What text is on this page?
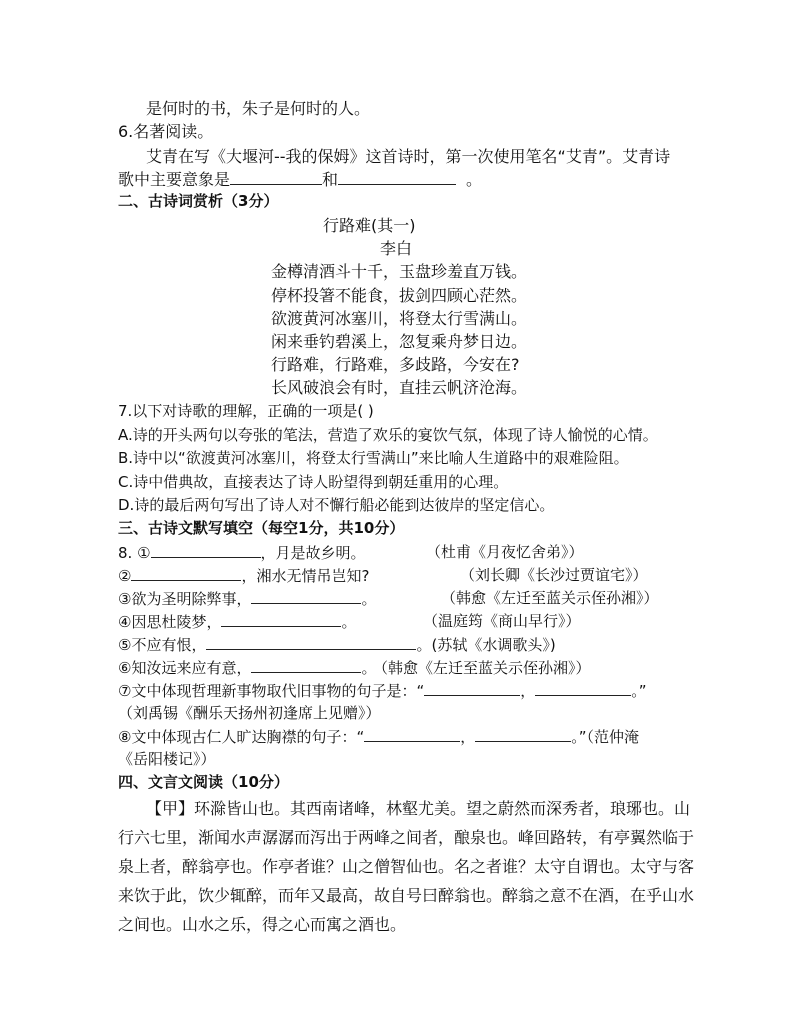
是何时的书，朱子是何时的人。
6.名著阅读。
艾青在写《大堰河--我的保姆》这首诗时，第一次使用笔名“艾青”。艾青诗
歌中主要意象是	和	。
二、古诗词赏析（3分）
行路难(其一)
李白
金樽清酒斗十千，玉盘珍羞直万钱。
停杯投箸不能食，拔剑四顾心茫然。
欲渡黄河冰塞川，将登太行雪满山。
闲来垂钓碧溪上，忽复乘舟梦日边。
行路难，行路难，多歧路，今安在?
长风破浪会有时，直挂云帆济沧海。
7.以下对诗歌的理解，正确的一项是( )
A.诗的开头两句以夸张的笔法，营造了欢乐的宴饮气氛，体现了诗人愉悦的心情。
B.诗中以“欲渡黄河冰塞川，将登太行雪满山”来比喻人生道路中的艰难险阻。
C.诗中借典故，直接表达了诗人盼望得到朝廷重用的心理。
D.诗的最后两句写出了诗人对不懈行船必能到达彼岸的坚定信心。
三、古诗文默写填空（每空1分，共10分）
8. ①	，月是故乡明。	（杜甫《月夜忆舍弟》）
②	，湘水无情吊岂知?	（刘长卿《长沙过贾谊宅》）
③欲为圣明除弊事，	。	（韩愈《左迁至蓝关示侄孙湘》）
④因思杜陵梦，	。	（温庭筠《商山早行》）
⑤不应有恨，	。(苏轼《水调歌头》)
⑥知汝远来应有意，	。 （韩愈《左迁至蓝关示侄孙湘》）
⑦文中体现哲理新事物取代旧事物的句子是：“	，	。”
（刘禹锡《酬乐天扬州初逢席上见赠》）
⑧文中体现古仁人旷达胸襟的句子：“	，	。”（范仲淹
《岳阳楼记》）
四、文言文阅读（10分）
【甲】环滁皆山也。其西南诸峰，林壑尤美。望之蔚然而深秀者，琅琊也。山
行六七里，渐闻水声潺潺而泻出于两峰之间者，酿泉也。峰回路转，有亭翼然临于
泉上者，醉翁亭也。作亭者谁？山之僧智仙也。名之者谁？太守自谓也。太守与客
来饮于此，饮少辄醉，而年又最高，故自号曰醉翁也。醉翁之意不在酒，在乎山水
之间也。山水之乐，得之心而寓之酒也。
